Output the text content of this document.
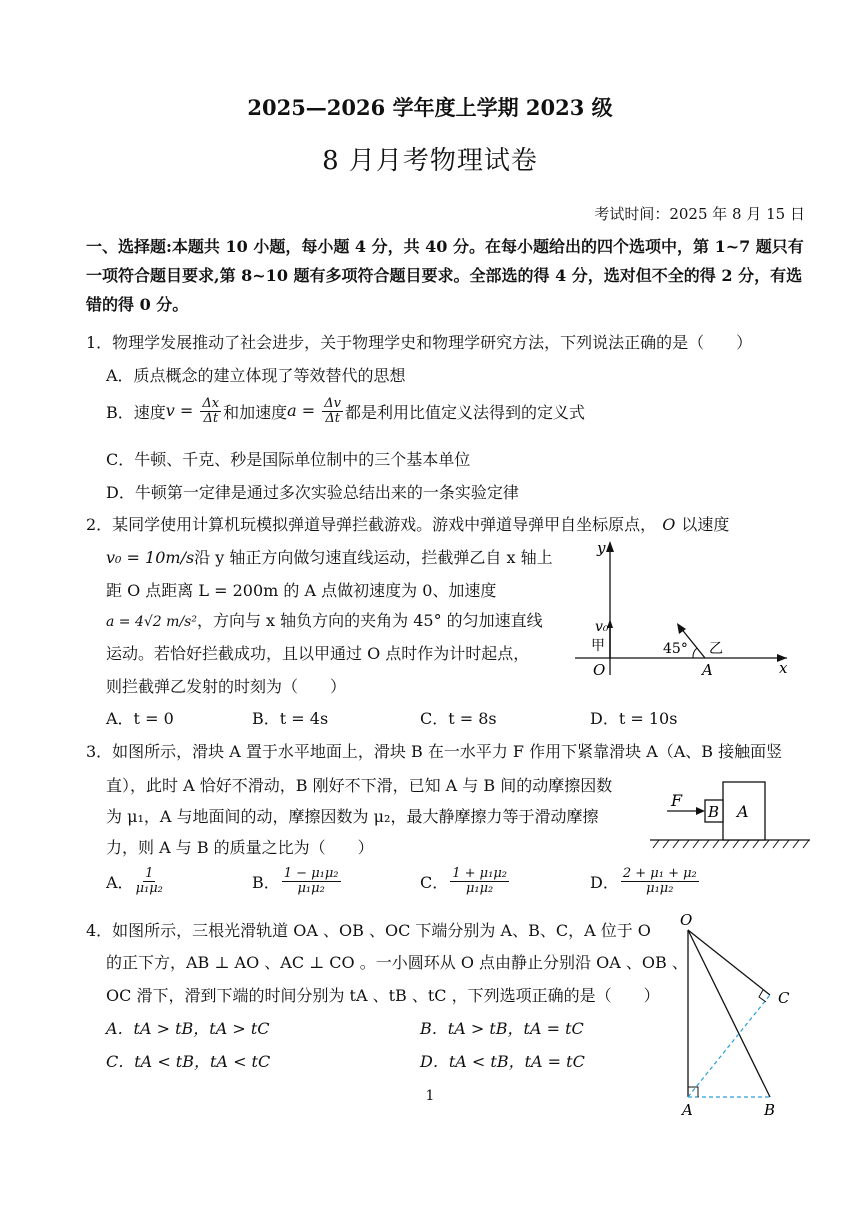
2025—2026 学年度上学期 2023 级
8 月月考物理试卷
考试时间：2025 年 8 月 15 日
一、选择题:本题共 10 小题，每小题 4 分，共 40 分。在每小题给出的四个选项中，第 1~7 题只有一项符合题目要求,第 8~10 题有多项符合题目要求。全部选的得 4 分，选对但不全的得 2 分，有选错的得 0 分。
1．物理学发展推动了社会进步，关于物理学史和物理学研究方法，下列说法正确的是（　　）
A．质点概念的建立体现了等效替代的思想
B．速度 $v = \frac{\Delta x}{\Delta t}$ 和加速度 $a = \frac{\Delta v}{\Delta t}$ 都是利用比值定义法得到的定义式
C．牛顿、千克、秒是国际单位制中的三个基本单位
D．牛顿第一定律是通过多次实验总结出来的一条实验定律
2．某同学使用计算机玩模拟弹道导弹拦截游戏。游戏中弹道导弹甲自坐标原点， O 以速度
v₀ = 10m/s沿 y 轴正方向做匀速直线运动，拦截弹乙自 x 轴上
距 O 点距离 L = 200m 的 A 点做初速度为 0、加速度
a = 4√2 m/s²，方向与 x 轴负方向的夹角为 45° 的匀加速直线
运动。若恰好拦截成功，且以甲通过 O 点时作为计时起点，
则拦截弹乙发射的时刻为（　　）
A．t = 0	B．t = 4s	C．t = 8s	D．t = 10s
y
x
v₀
甲
O	A
乙
45°
3．如图所示，滑块 A 置于水平地面上，滑块 B 在一水平力 F 作用下紧靠滑块 A（A、B 接触面竖
直），此时 A 恰好不滑动，B 刚好不下滑，已知 A 与 B 间的动摩擦因数
为 μ₁，A 与地面间的动，摩擦因数为 μ₂，最大静摩擦力等于滑动摩擦
力，则 A 与 B 的质量之比为（　　）
A． $\frac{1}{\text{μ₁μ₂}}$	B． $\frac{\text{1 − μ₁μ₂}}{\text{μ₁μ₂}}$	C． $\frac{\text{1 + μ₁μ₂}}{\text{μ₁μ₂}}$	D． $\frac{\text{2 + μ₁ + μ₂}}{\text{μ₁μ₂}}$
F
B A
4．如图所示，三根光滑轨道 OA 、OB 、OC 下端分别为 A、B、C，A 位于 O
的正下方，AB ⊥ AO 、AC ⊥ CO 。一小圆环从 O 点由静止分别沿 OA 、OB 、
OC 滑下，滑到下端的时间分别为 tA 、tB 、tC ，下列选项正确的是（　　）
A．tA > tB，tA > tC	B．tA > tB，tA = tC
C．tA < tB，tA < tC	D．tA < tB，tA = tC
O
C
A	B
1
